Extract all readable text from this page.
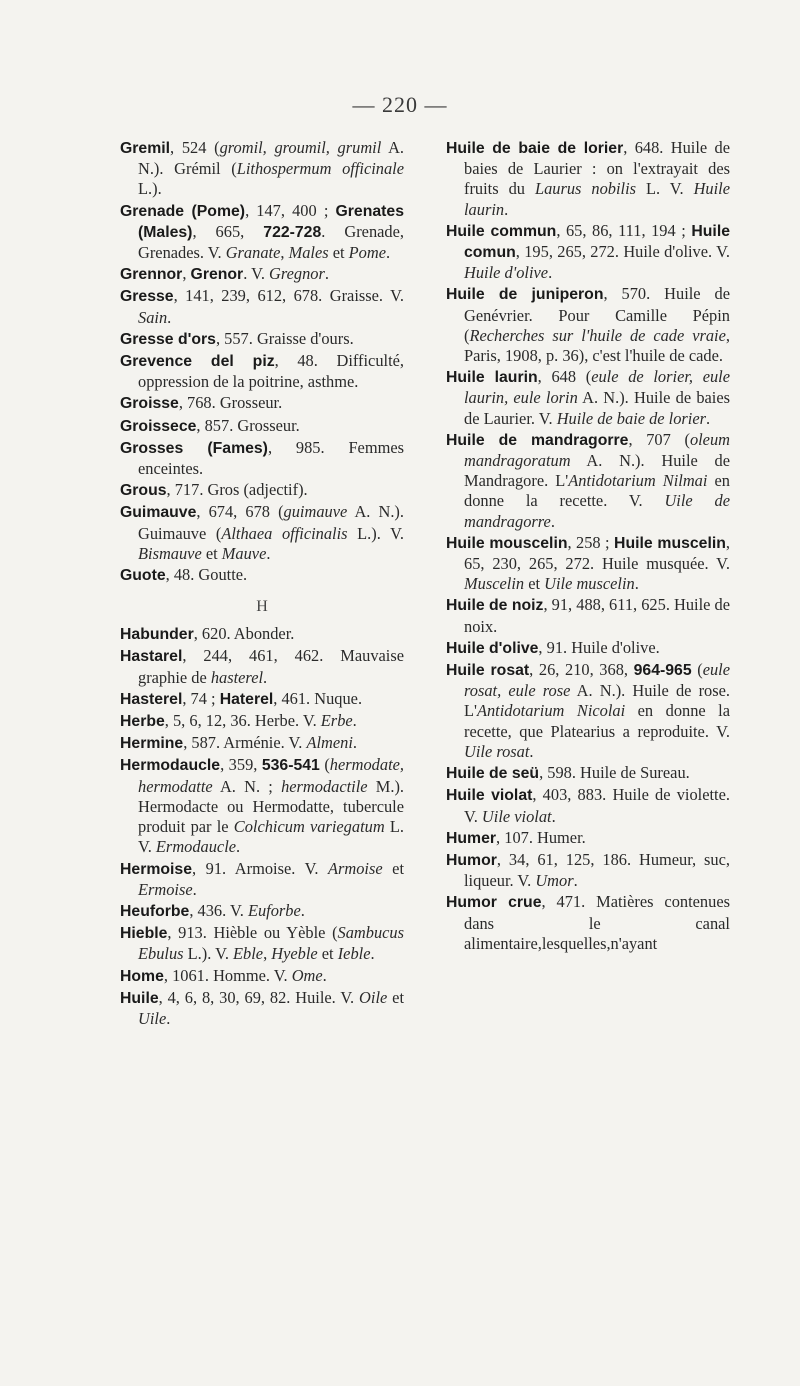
— 220 —
Gremil, 524 (gromil, groumil, grumil A. N.). Grémil (Lithospermum officinale L.).
Grenade (Pome), 147, 400 ; Grenates (Males), 665, 722-728. Grenade, Grenades. V. Granate, Males et Pome.
Grennor, Grenor. V. Gregnor.
Gresse, 141, 239, 612, 678. Graisse. V. Sain.
Gresse d'ors, 557. Graisse d'ours.
Grevence del piz, 48. Difficulté, oppression de la poitrine, asthme.
Groisse, 768. Grosseur.
Groissece, 857. Grosseur.
Grosses (Fames), 985. Femmes enceintes.
Grous, 717. Gros (adjectif).
Guimauve, 674, 678 (guimauve A. N.). Guimauve (Althaea officinalis L.). V. Bismauve et Mauve.
Guote, 48. Goutte.
H
Habunder, 620. Abonder.
Hastarel, 244, 461, 462. Mauvaise graphie de hasterel.
Hasterel, 74 ; Haterel, 461. Nuque.
Herbe, 5, 6, 12, 36. Herbe. V. Erbe.
Hermine, 587. Arménie. V. Almeni.
Hermodaucle, 359, 536-541 (hermodate, hermodatte A. N. ; hermodactile M.). Hermodacte ou Hermodatte, tubercule produit par le Colchicum variegatum L. V. Ermodaucle.
Hermoise, 91. Armoise. V. Armoise et Ermoise.
Heuforbe, 436. V. Euforbe.
Hieble, 913. Hièble ou Yèble (Sambucus Ebulus L.). V. Eble, Hyeble et Ieble.
Home, 1061. Homme. V. Ome.
Huile, 4, 6, 8, 30, 69, 82. Huile. V. Oile et Uile.
Huile de baie de lorier, 648. Huile de baies de Laurier : on l'extrayait des fruits du Laurus nobilis L. V. Huile laurin.
Huile commun, 65, 86, 111, 194 ; Huile comun, 195, 265, 272. Huile d'olive. V. Huile d'olive.
Huile de juniperon, 570. Huile de Genévrier. Pour Camille Pépin (Recherches sur l'huile de cade vraie, Paris, 1908, p. 36), c'est l'huile de cade.
Huile laurin, 648 (eule de lorier, eule laurin, eule lorin A. N.). Huile de baies de Laurier. V. Huile de baie de lorier.
Huile de mandragorre, 707 (oleum mandragoratum A. N.). Huile de Mandragore. L'Antidotarium Nilmai en donne la recette. V. Uile de mandragorre.
Huile mouscelin, 258 ; Huile muscelin, 65, 230, 265, 272. Huile musquée. V. Muscelin et Uile muscelin.
Huile de noiz, 91, 488, 611, 625. Huile de noix.
Huile d'olive, 91. Huile d'olive.
Huile rosat, 26, 210, 368, 964-965 (eule rosat, eule rose A. N.). Huile de rose. L'Antidotarium Nicolai en donne la recette, que Platearius a reproduite. V. Uile rosat.
Huile de seü, 598. Huile de Sureau.
Huile violat, 403, 883. Huile de violette. V. Uile violat.
Humer, 107. Humer.
Humor, 34, 61, 125, 186. Humeur, suc, liqueur. V. Umor.
Humor crue, 471. Matières contenues dans le canal alimentaire,lesquelles,n'ayant
